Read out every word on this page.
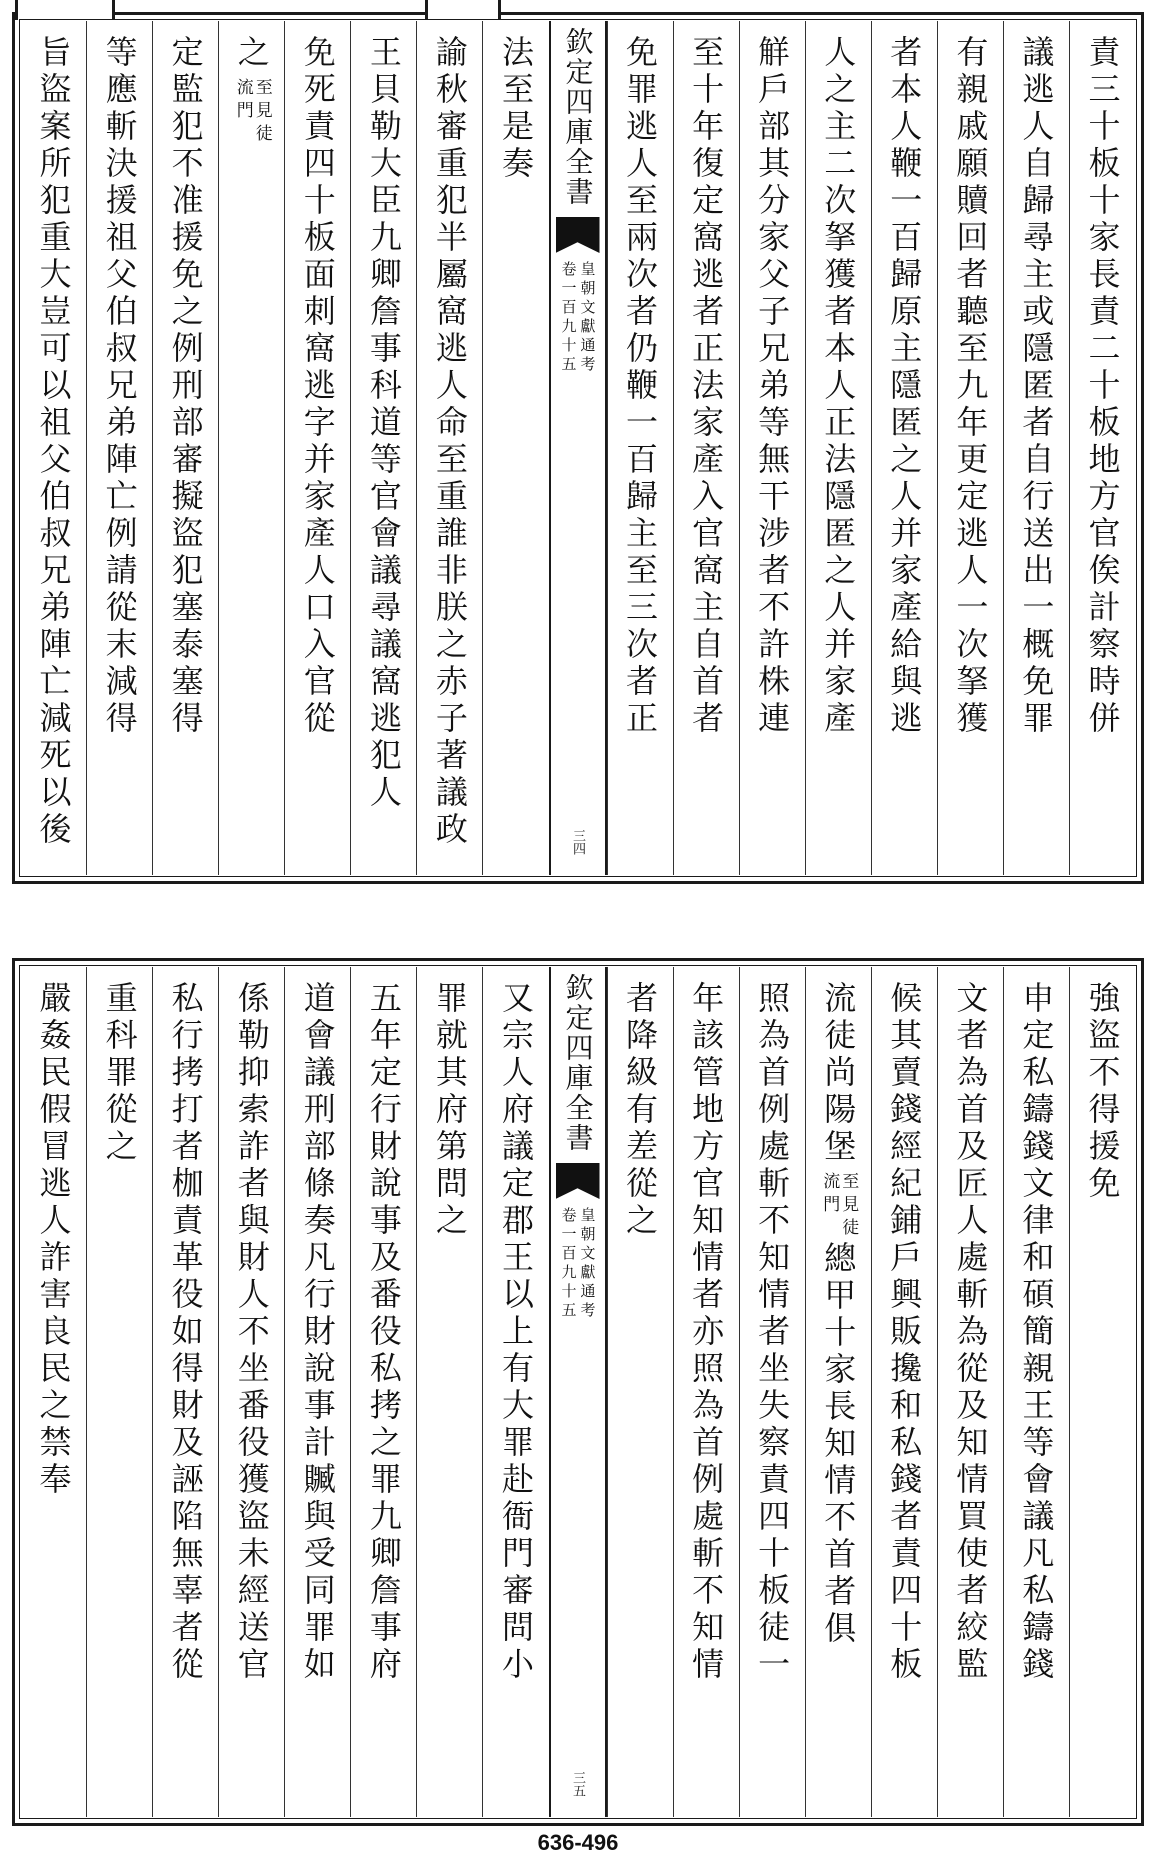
責三十板十家長責二十板地方官俟計察時併
議逃人自歸尋主或隱匿者自行送出一概免罪
有親戚願贖回者聽至九年更定逃人一次拏獲
者本人鞭一百歸原主隱匿之人并家產給與逃
人之主二次拏獲者本人正法隱匿之人并家產
觧戶部其分家父子兄弟等無干涉者不許株連
至十年復定窩逃者正法家產入官窩主自首者
免罪逃人至兩次者仍鞭一百歸主至三次者正
欽定四庫全書
皇朝文獻通考
卷一百九十五
三四
法至是奏
諭秋審重犯半屬窩逃人命至重誰非朕之赤子著議政
王貝勒大臣九卿詹事科道等官會議尋議窩逃犯人
免死責四十板面刺窩逃字并家產人口入官從
之
至見徒
流門
定監犯不准援免之例刑部審擬盜犯塞泰塞得
等應斬決援祖父伯叔兄弟陣亡例請從末減得
旨盜案所犯重大豈可以祖父伯叔兄弟陣亡減死以後
強盜不得援免
申定私鑄錢文律和碩簡親王等會議凡私鑄錢
文者為首及匠人處斬為從及知情買使者絞監
候其賣錢經紀鋪戶興販攙和私錢者責四十板
流徒尚陽堡
至見徒
流門
總甲十家長知情不首者俱
照為首例處斬不知情者坐失察責四十板徒一
年該管地方官知情者亦照為首例處斬不知情
者降級有差從之
欽定四庫全書
皇朝文獻通考
卷一百九十五
三五
又宗人府議定郡王以上有大罪赴衙門審問小
罪就其府第問之
五年定行財說事及番役私拷之罪九卿詹事府
道會議刑部條奏凡行財說事計贓與受同罪如
係勒抑索詐者與財人不坐番役獲盜未經送官
私行拷打者枷責革役如得財及誣陷無辜者從
重科罪從之
嚴姦民假冒逃人詐害良民之禁奉
636-496
